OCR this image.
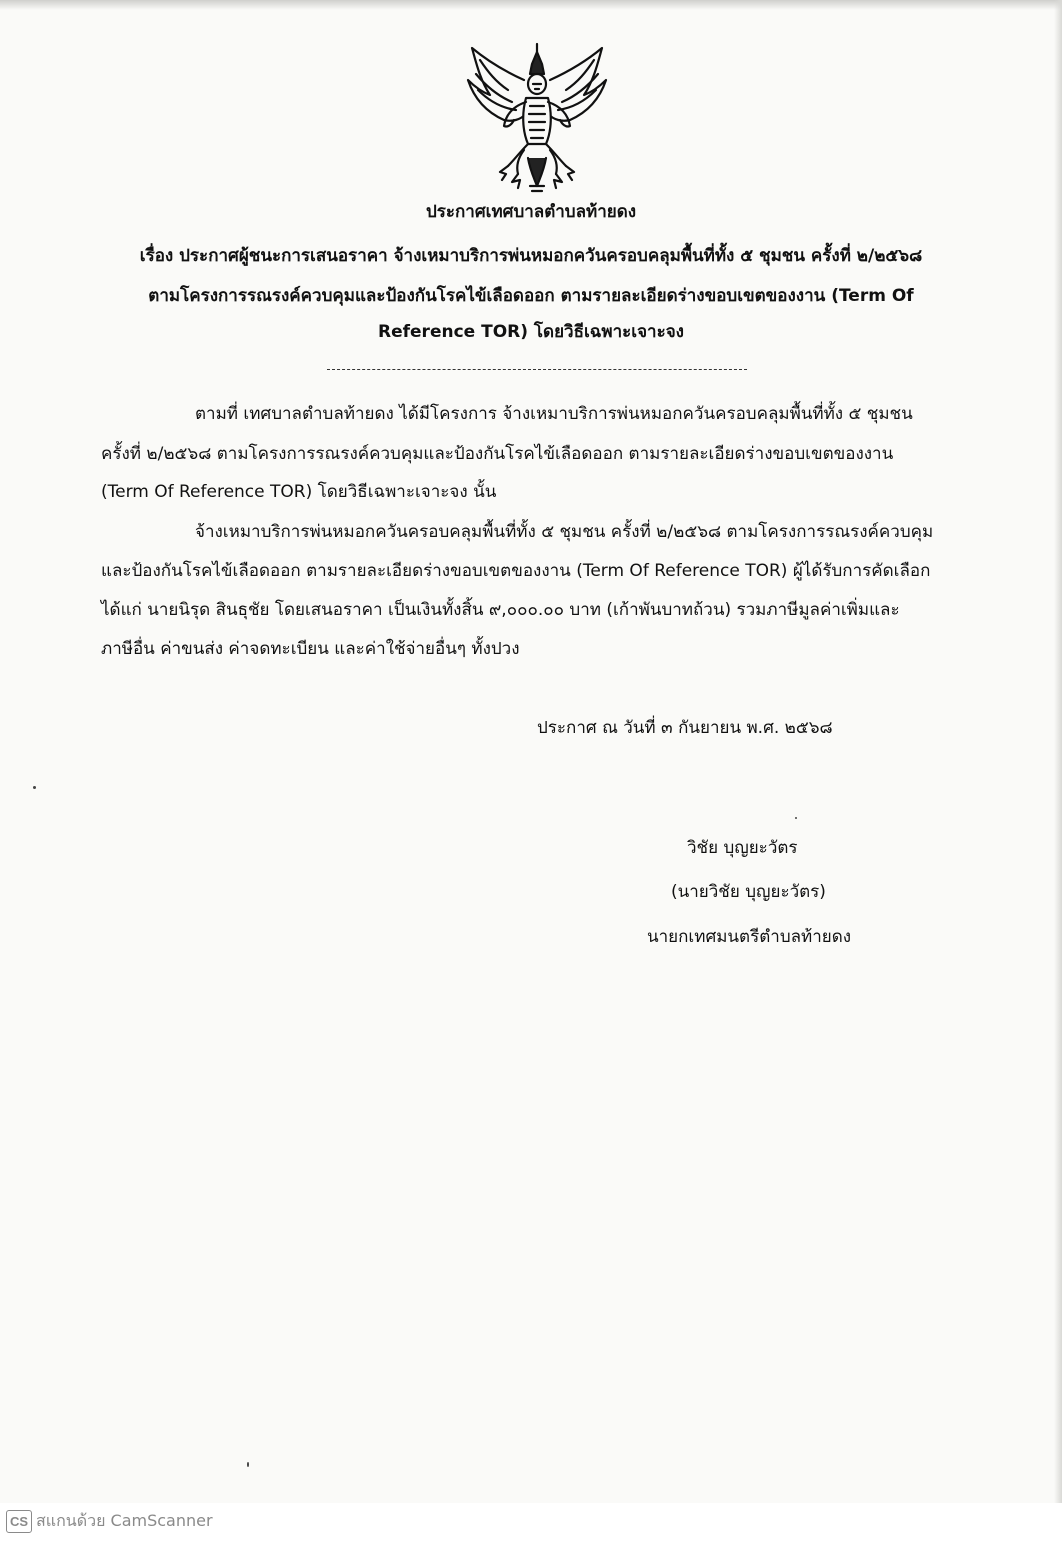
ประกาศเทศบาลตำบลท้ายดง
เรื่อง ประกาศผู้ชนะการเสนอราคา จ้างเหมาบริการพ่นหมอกควันครอบคลุมพื้นที่ทั้ง ๕ ชุมชน ครั้งที่ ๒/๒๕๖๘
ตามโครงการรณรงค์ควบคุมและป้องกันโรคไข้เลือดออก ตามรายละเอียดร่างขอบเขตของงาน (Term Of
Reference TOR) โดยวิธีเฉพาะเจาะจง
ตามที่ เทศบาลตำบลท้ายดง ได้มีโครงการ จ้างเหมาบริการพ่นหมอกควันครอบคลุมพื้นที่ทั้ง ๕ ชุมชน
ครั้งที่ ๒/๒๕๖๘ ตามโครงการรณรงค์ควบคุมและป้องกันโรคไข้เลือดออก ตามรายละเอียดร่างขอบเขตของงาน
(Term Of Reference TOR) โดยวิธีเฉพาะเจาะจง นั้น
จ้างเหมาบริการพ่นหมอกควันครอบคลุมพื้นที่ทั้ง ๕ ชุมชน ครั้งที่ ๒/๒๕๖๘ ตามโครงการรณรงค์ควบคุม
และป้องกันโรคไข้เลือดออก ตามรายละเอียดร่างขอบเขตของงาน (Term Of Reference TOR) ผู้ได้รับการคัดเลือก
ได้แก่ นายนิรุด สินธุชัย โดยเสนอราคา เป็นเงินทั้งสิ้น ๙,๐๐๐.๐๐ บาท (เก้าพันบาทถ้วน) รวมภาษีมูลค่าเพิ่มและ
ภาษีอื่น ค่าขนส่ง ค่าจดทะเบียน และค่าใช้จ่ายอื่นๆ ทั้งปวง
ประกาศ ณ วันที่ ๓ กันยายน พ.ศ. ๒๕๖๘
วิชัย บุญยะวัตร
(นายวิชัย บุญยะวัตร)
นายกเทศมนตรีตำบลท้ายดง
CS สแกนด้วย CamScanner
